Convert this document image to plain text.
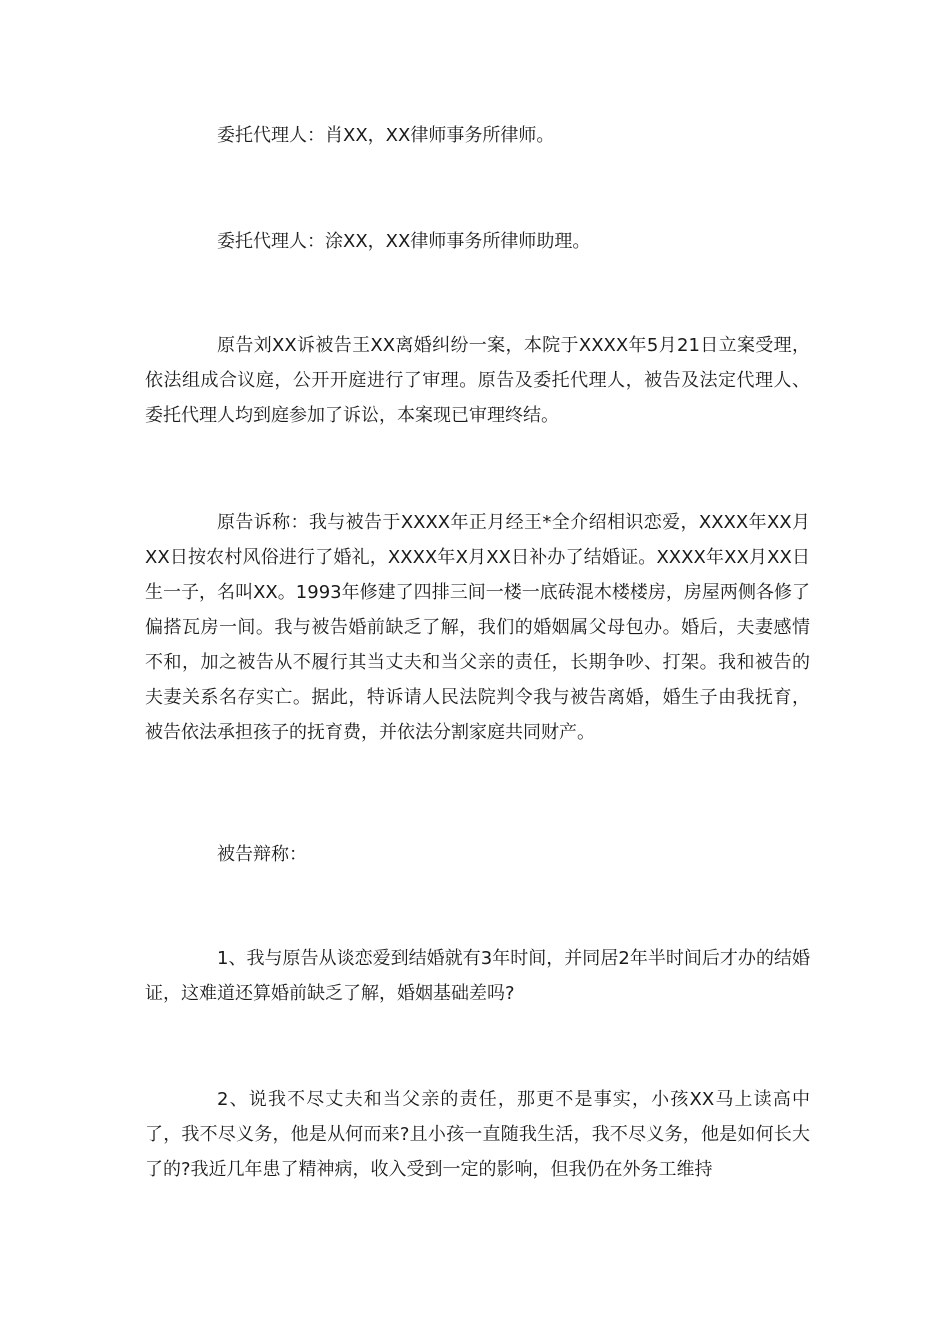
委托代理人：肖XX，XX律师事务所律师。

委托代理人：涂XX，XX律师事务所律师助理。

原告刘XX诉被告王XX离婚纠纷一案，本院于XXXX年5月21日立案受理，依法组成合议庭，公开开庭进行了审理。原告及委托代理人，被告及法定代理人、委托代理人均到庭参加了诉讼，本案现已审理终结。

原告诉称：我与被告于XXXX年正月经王*全介绍相识恋爱，XXXX年XX月XX日按农村风俗进行了婚礼，XXXX年X月XX日补办了结婚证。XXXX年XX月XX日生一子，名叫XX。1993年修建了四排三间一楼一底砖混木楼楼房，房屋两侧各修了偏搭瓦房一间。我与被告婚前缺乏了解，我们的婚姻属父母包办。婚后，夫妻感情不和，加之被告从不履行其当丈夫和当父亲的责任，长期争吵、打架。我和被告的夫妻关系名存实亡。据此，特诉请人民法院判令我与被告离婚，婚生子由我抚育，被告依法承担孩子的抚育费，并依法分割家庭共同财产。

被告辩称：

1、我与原告从谈恋爱到结婚就有3年时间，并同居2年半时间后才办的结婚证，这难道还算婚前缺乏了解，婚姻基础差吗?

2、说我不尽丈夫和当父亲的责任，那更不是事实，小孩XX马上读高中了，我不尽义务，他是从何而来?且小孩一直随我生活，我不尽义务，他是如何长大了的?我近几年患了精神病，收入受到一定的影响，但我仍在外务工维持
